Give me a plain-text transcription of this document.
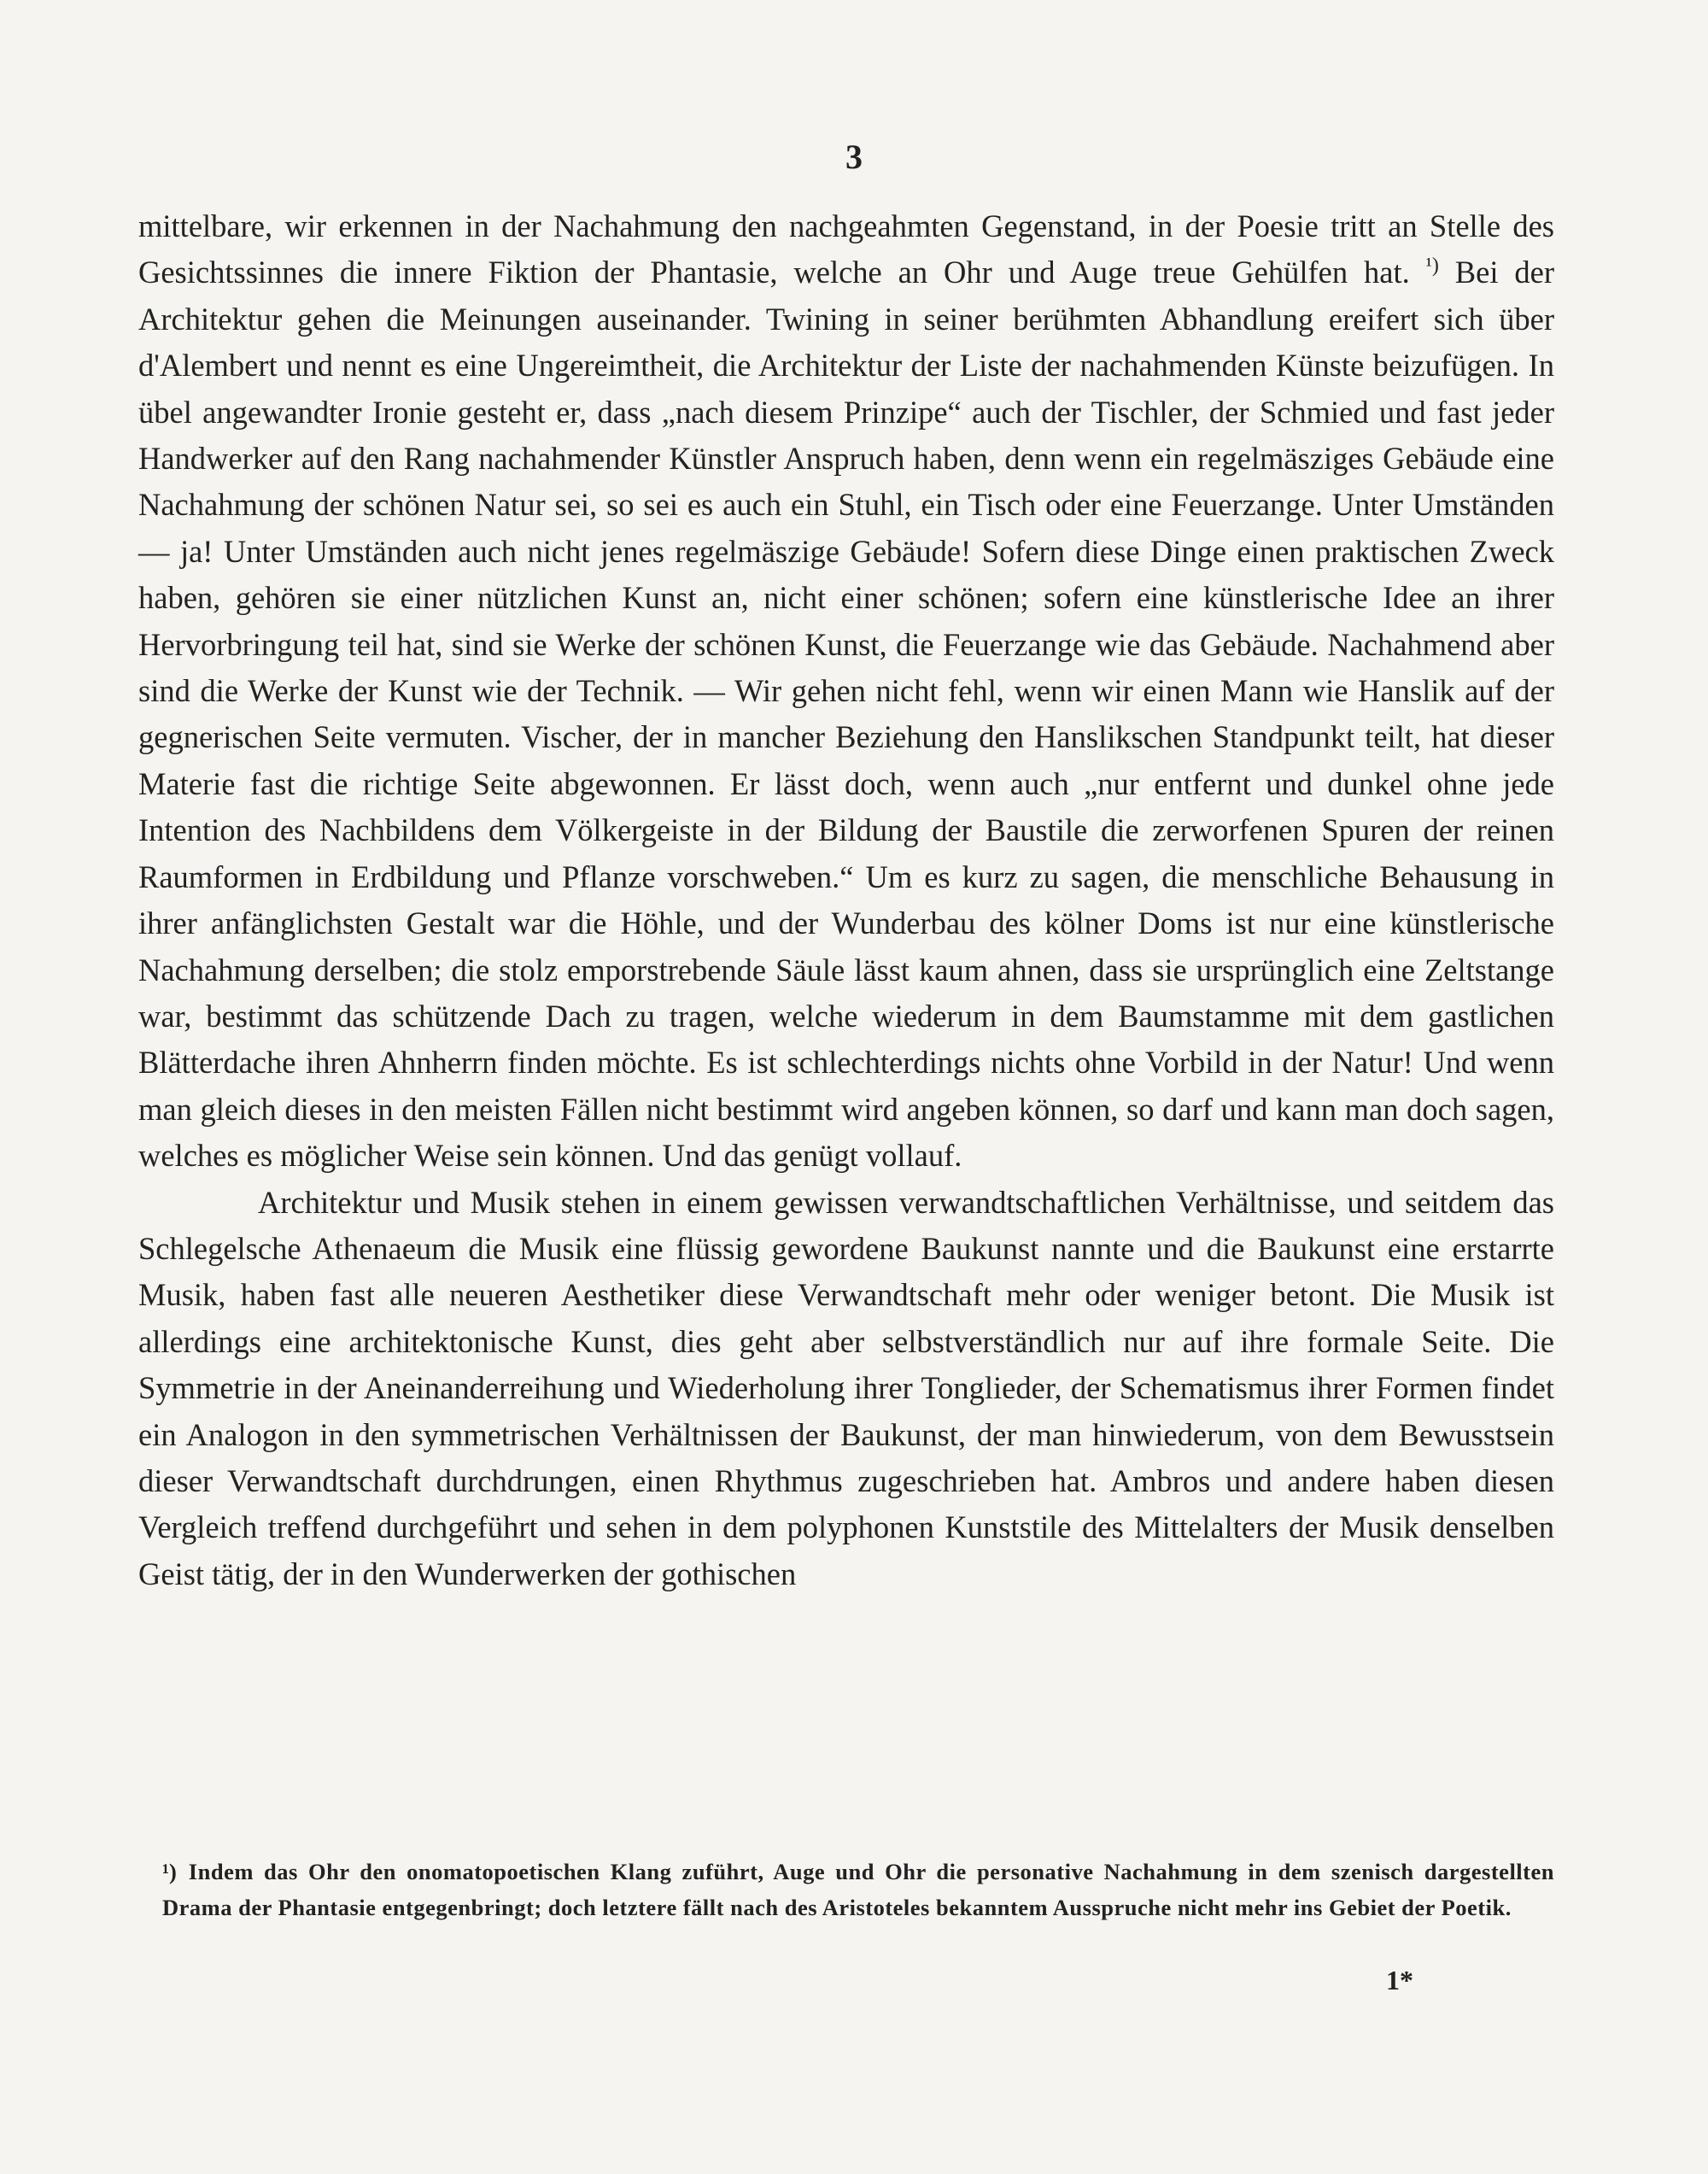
3

mittelbare, wir erkennen in der Nachahmung den nachgeahmten Gegenstand, in der Poesie tritt an Stelle des Gesichtssinnes die innere Fiktion der Phantasie, welche an Ohr und Auge treue Gehülfen hat. $^{^1)}$ Bei der Architektur gehen die Meinungen auseinander. Twining in seiner berühmten Abhandlung ereifert sich über d'Alembert und nennt es eine Ungereimtheit, die Architektur der Liste der nachahmenden Künste beizufügen. In übel angewandter Ironie gesteht er, dass „nach diesem Prinzipe“ auch der Tischler, der Schmied und fast jeder Handwerker auf den Rang nachahmender Künstler Anspruch haben, denn wenn ein regelmäsziges Gebäude eine Nachahmung der schönen Natur sei, so sei es auch ein Stuhl, ein Tisch oder eine Feuerzange. Unter Umständen — ja! Unter Umständen auch nicht jenes regelmäszige Gebäude! Sofern diese Dinge einen praktischen Zweck haben, gehören sie einer nützlichen Kunst an, nicht einer schönen; sofern eine künstlerische Idee an ihrer Hervorbringung teil hat, sind sie Werke der schönen Kunst, die Feuerzange wie das Gebäude. Nachahmend aber sind die Werke der Kunst wie der Technik. — Wir gehen nicht fehl, wenn wir einen Mann wie Hanslik auf der gegnerischen Seite vermuten. Vischer, der in mancher Beziehung den Hanslikschen Standpunkt teilt, hat dieser Materie fast die richtige Seite abgewonnen. Er lässt doch, wenn auch „nur entfernt und dunkel ohne jede Intention des Nachbildens dem Völkergeiste in der Bildung der Baustile die zerworfenen Spuren der reinen Raumformen in Erdbildung und Pflanze vorschweben.“ Um es kurz zu sagen, die menschliche Behausung in ihrer anfänglichsten Gestalt war die Höhle, und der Wunderbau des kölner Doms ist nur eine künstlerische Nachahmung derselben; die stolz emporstrebende Säule lässt kaum ahnen, dass sie ursprünglich eine Zeltstange war, bestimmt das schützende Dach zu tragen, welche wiederum in dem Baumstamme mit dem gastlichen Blätterdache ihren Ahnherrn finden möchte. Es ist schlechterdings nichts ohne Vorbild in der Natur! Und wenn man gleich dieses in den meisten Fällen nicht bestimmt wird angeben können, so darf und kann man doch sagen, welches es möglicher Weise sein können. Und das genügt vollauf.

Architektur und Musik stehen in einem gewissen verwandtschaftlichen Verhältnisse, und seitdem das Schlegelsche Athenaeum die Musik eine flüssig gewordene Baukunst nannte und die Baukunst eine erstarrte Musik, haben fast alle neueren Aesthetiker diese Verwandtschaft mehr oder weniger betont. Die Musik ist allerdings eine architektonische Kunst, dies geht aber selbstverständlich nur auf ihre formale Seite. Die Symmetrie in der Aneinanderreihung und Wiederholung ihrer Tonglieder, der Schematismus ihrer Formen findet ein Analogon in den symmetrischen Verhältnissen der Baukunst, der man hinwiederum, von dem Bewusstsein dieser Verwandtschaft durchdrungen, einen Rhythmus zugeschrieben hat. Ambros und andere haben diesen Vergleich treffend durchgeführt und sehen in dem polyphonen Kunststile des Mittelalters der Musik denselben Geist tätig, der in den Wunderwerken der gothischen

¹) Indem das Ohr den onomatopoetischen Klang zuführt, Auge und Ohr die personative Nachahmung in dem szenisch dargestellten Drama der Phantasie entgegenbringt; doch letztere fällt nach des Aristoteles bekanntem Ausspruche nicht mehr ins Gebiet der Poetik.
1*
